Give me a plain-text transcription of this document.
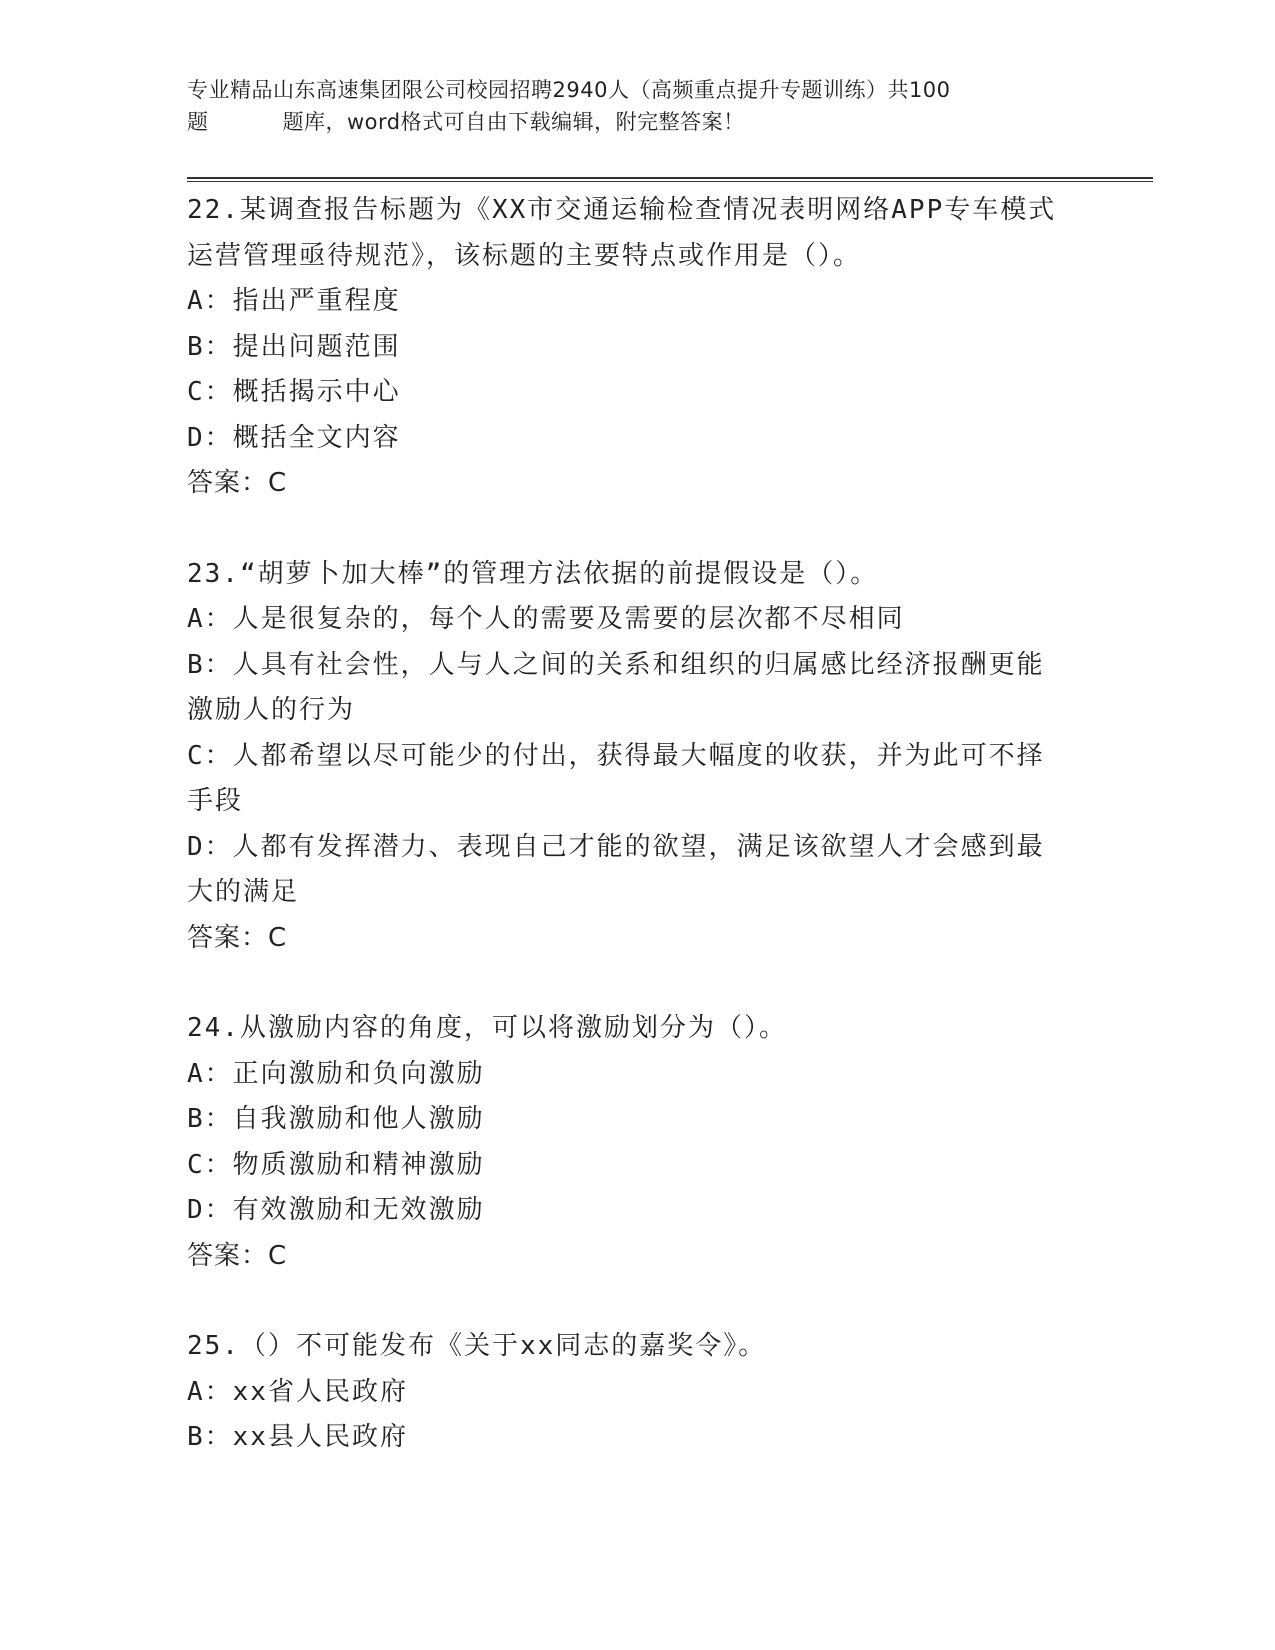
专业精品山东高速集团限公司校园招聘2940人（高频重点提升专题训练）共100
题	题库，word格式可自由下载编辑，附完整答案！
22.某调查报告标题为《XX市交通运输检查情况表明网络APP专车模式
运营管理亟待规范》，该标题的主要特点或作用是（）。
A：指出严重程度
B：提出问题范围
C：概括揭示中心
D：概括全文内容
答案：C
23.“胡萝卜加大棒”的管理方法依据的前提假设是（）。
A：人是很复杂的，每个人的需要及需要的层次都不尽相同
B：人具有社会性，人与人之间的关系和组织的归属感比经济报酬更能
激励人的行为
C：人都希望以尽可能少的付出，获得最大幅度的收获，并为此可不择
手段
D：人都有发挥潜力、表现自己才能的欲望，满足该欲望人才会感到最
大的满足
答案：C
24.从激励内容的角度，可以将激励划分为（）。
A：正向激励和负向激励
B：自我激励和他人激励
C：物质激励和精神激励
D：有效激励和无效激励
答案：C
25.（）不可能发布《关于xx同志的嘉奖令》。
A：xx省人民政府
B：xx县人民政府
